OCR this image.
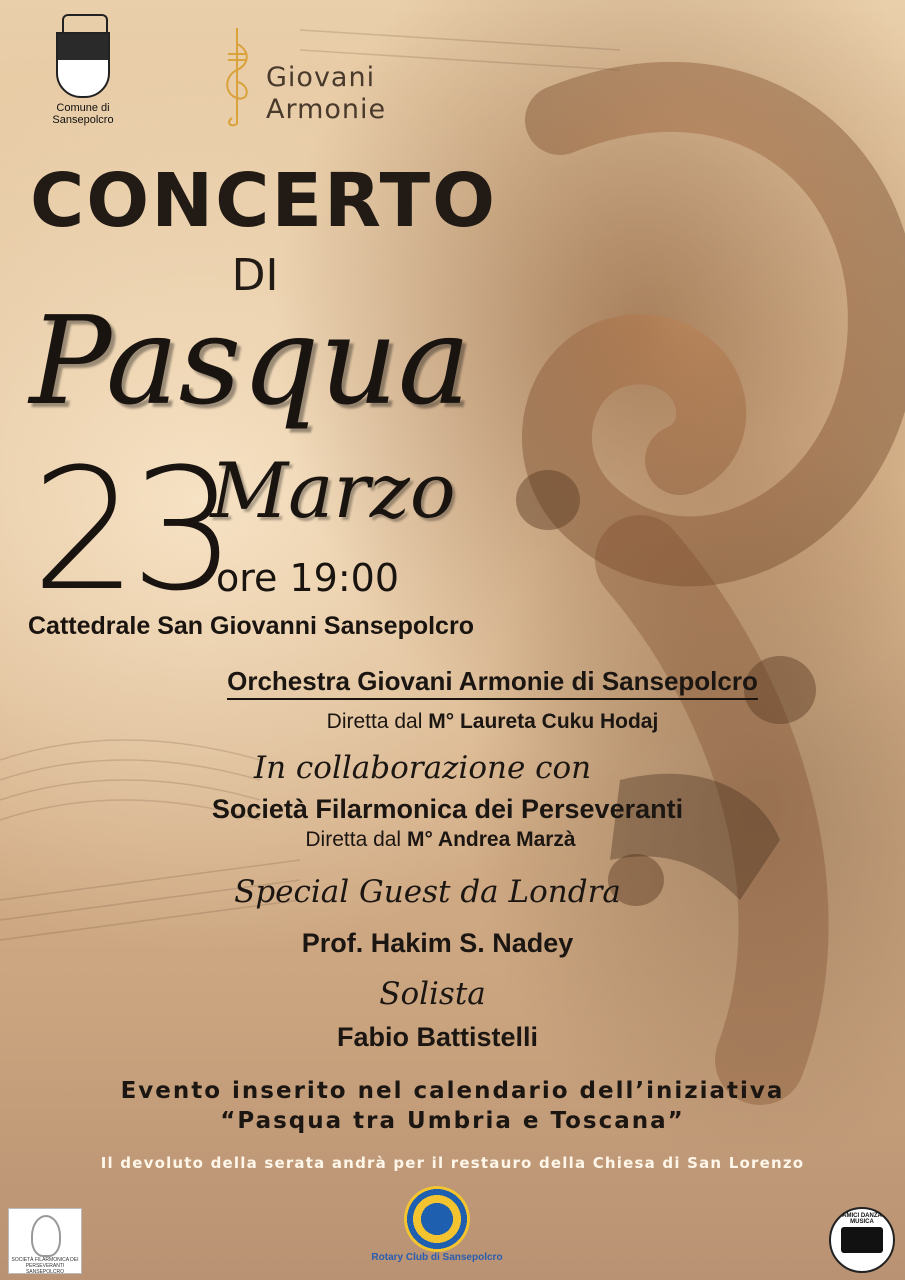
Comune di Sansepolcro
Giovani
Armonie
CONCERTO
DI
Pasqua
23
Marzo
ore 19:00
Cattedrale San Giovanni Sansepolcro
Orchestra Giovani Armonie di Sansepolcro
Diretta dal M° Laureta Cuku Hodaj
In collaborazione con
Società Filarmonica dei Perseveranti
Diretta dal M° Andrea Marzà
Special Guest da Londra
Prof. Hakim S. Nadey
Solista
Fabio Battistelli
Evento inserito nel calendario dell’iniziativa
“Pasqua tra Umbria e Toscana”
Il devoluto della serata andrà per il restauro della Chiesa di San Lorenzo
SOCIETÀ FILARMONICA DEI PERSEVERANTI SANSEPOLCRO
Rotary Club di Sansepolcro
AMICI DANZA MUSICA
